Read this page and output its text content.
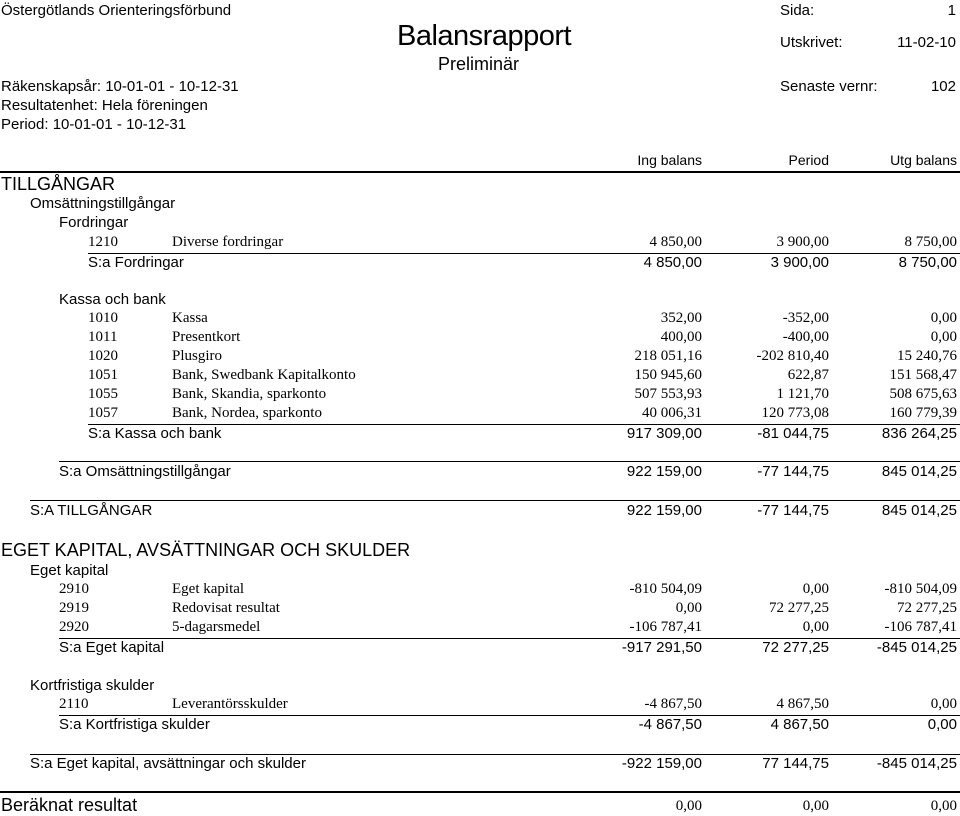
Östergötlands Orienteringsförbund
Balansrapport
Preliminär
Sida:	1
Utskrivet:	11-02-10
Räkenskapsår: 10-01-01 - 10-12-31	Senaste vernr:	102
Resultatenhet: Hela föreningen
Period: 10-01-01 - 10-12-31
Ing balans	Period	Utg balans
TILLGÅNGAR
Omsättningstillgångar
Fordringar
1210	Diverse fordringar	4 850,00	3 900,00	8 750,00
S:a Fordringar	4 850,00	3 900,00	8 750,00
Kassa och bank
1010	Kassa	352,00	-352,00	0,00
1011	Presentkort	400,00	-400,00	0,00
1020	Plusgiro	218 051,16	-202 810,40	15 240,76
1051	Bank, Swedbank Kapitalkonto	150 945,60	622,87	151 568,47
1055	Bank, Skandia, sparkonto	507 553,93	1 121,70	508 675,63
1057	Bank, Nordea, sparkonto	40 006,31	120 773,08	160 779,39
S:a Kassa och bank	917 309,00	-81 044,75	836 264,25
S:a Omsättningstillgångar	922 159,00	-77 144,75	845 014,25
S:A TILLGÅNGAR	922 159,00	-77 144,75	845 014,25
EGET KAPITAL, AVSÄTTNINGAR OCH SKULDER
Eget kapital
2910	Eget kapital	-810 504,09	0,00	-810 504,09
2919	Redovisat resultat	0,00	72 277,25	72 277,25
2920	5-dagarsmedel	-106 787,41	0,00	-106 787,41
S:a Eget kapital	-917 291,50	72 277,25	-845 014,25
Kortfristiga skulder
2110	Leverantörsskulder	-4 867,50	4 867,50	0,00
S:a Kortfristiga skulder	-4 867,50	4 867,50	0,00
S:a Eget kapital, avsättningar och skulder	-922 159,00	77 144,75	-845 014,25
Beräknat resultat	0,00	0,00	0,00
